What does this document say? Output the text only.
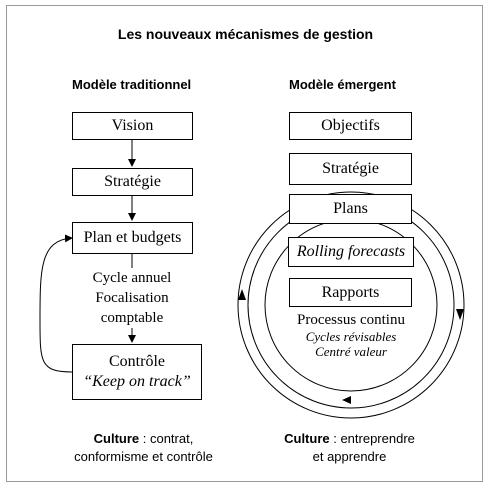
Les nouveaux mécanismes de gestion
Modèle traditionnel	Modèle émergent
Vision
Stratégie
Plan et budgets
Cycle annuel
Focalisation
comptable
Contrôle
“Keep on track”
Culture : contrat,
conformisme et contrôle
Objectifs
Stratégie
Plans
Rolling forecasts
Rapports
Processus continu
Cycles révisables
Centré valeur
Culture : entreprendre
et apprendre
